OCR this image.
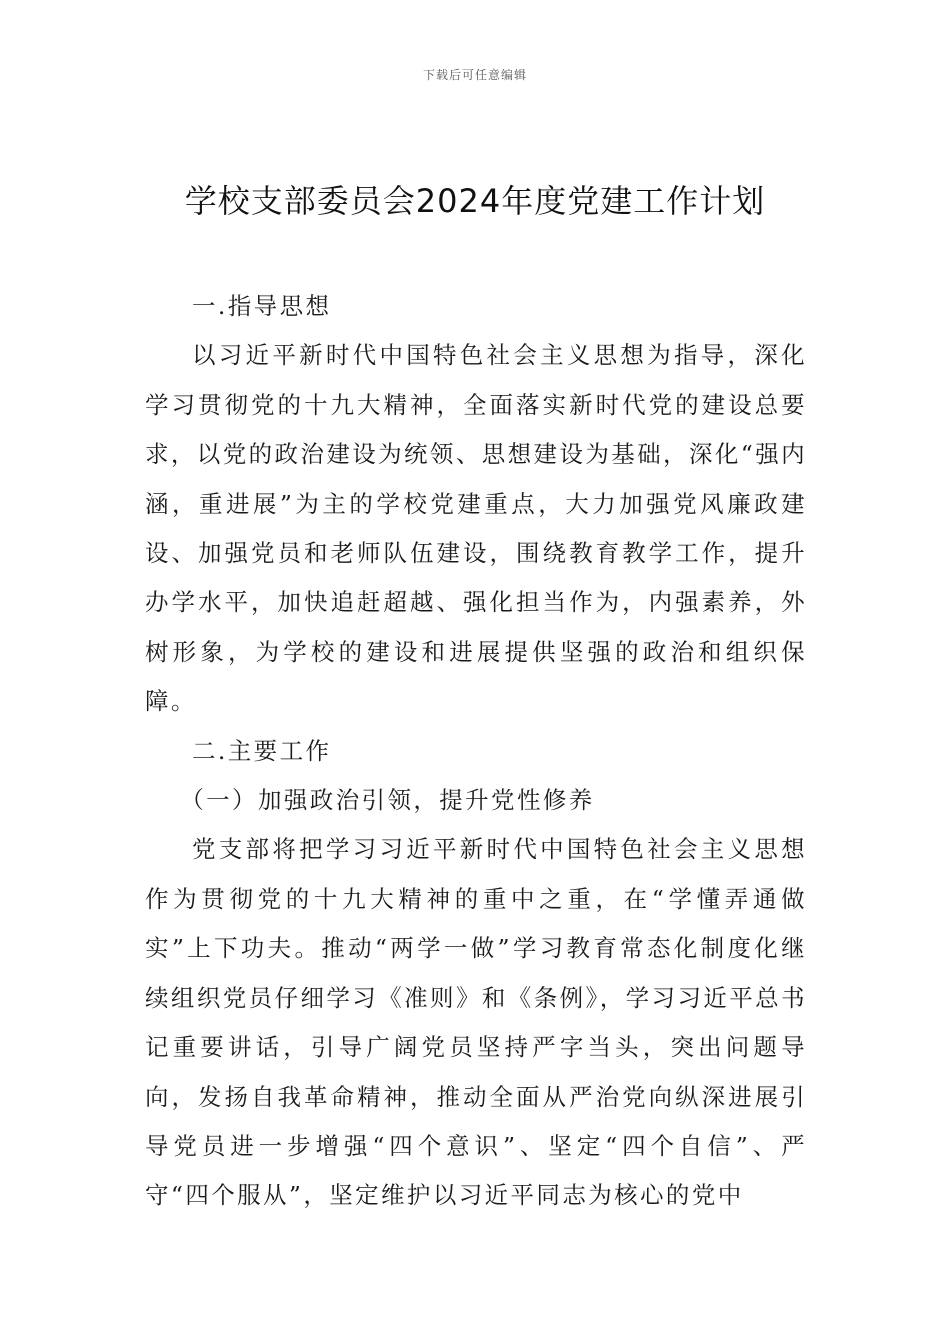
下载后可任意编辑
学校支部委员会2024年度党建工作计划

一.指导思想

以习近平新时代中国特色社会主义思想为指导，深化学习贯彻党的十九大精神，全面落实新时代党的建设总要求，以党的政治建设为统领、思想建设为基础，深化“强内涵，重进展”为主的学校党建重点，大力加强党风廉政建设、加强党员和老师队伍建设，围绕教育教学工作，提升办学水平，加快追赶超越、强化担当作为，内强素养，外树形象，为学校的建设和进展提供坚强的政治和组织保障。

二.主要工作

（一）加强政治引领，提升党性修养

党支部将把学习习近平新时代中国特色社会主义思想作为贯彻党的十九大精神的重中之重，在“学懂弄通做实”上下功夫。推动“两学一做”学习教育常态化制度化继续组织党员仔细学习《准则》和《条例》，学习习近平总书记重要讲话，引导广阔党员坚持严字当头，突出问题导向，发扬自我革命精神，推动全面从严治党向纵深进展引导党员进一步增强“四个意识”、坚定“四个自信”、严守“四个服从”，坚定维护以习近平同志为核心的党中
